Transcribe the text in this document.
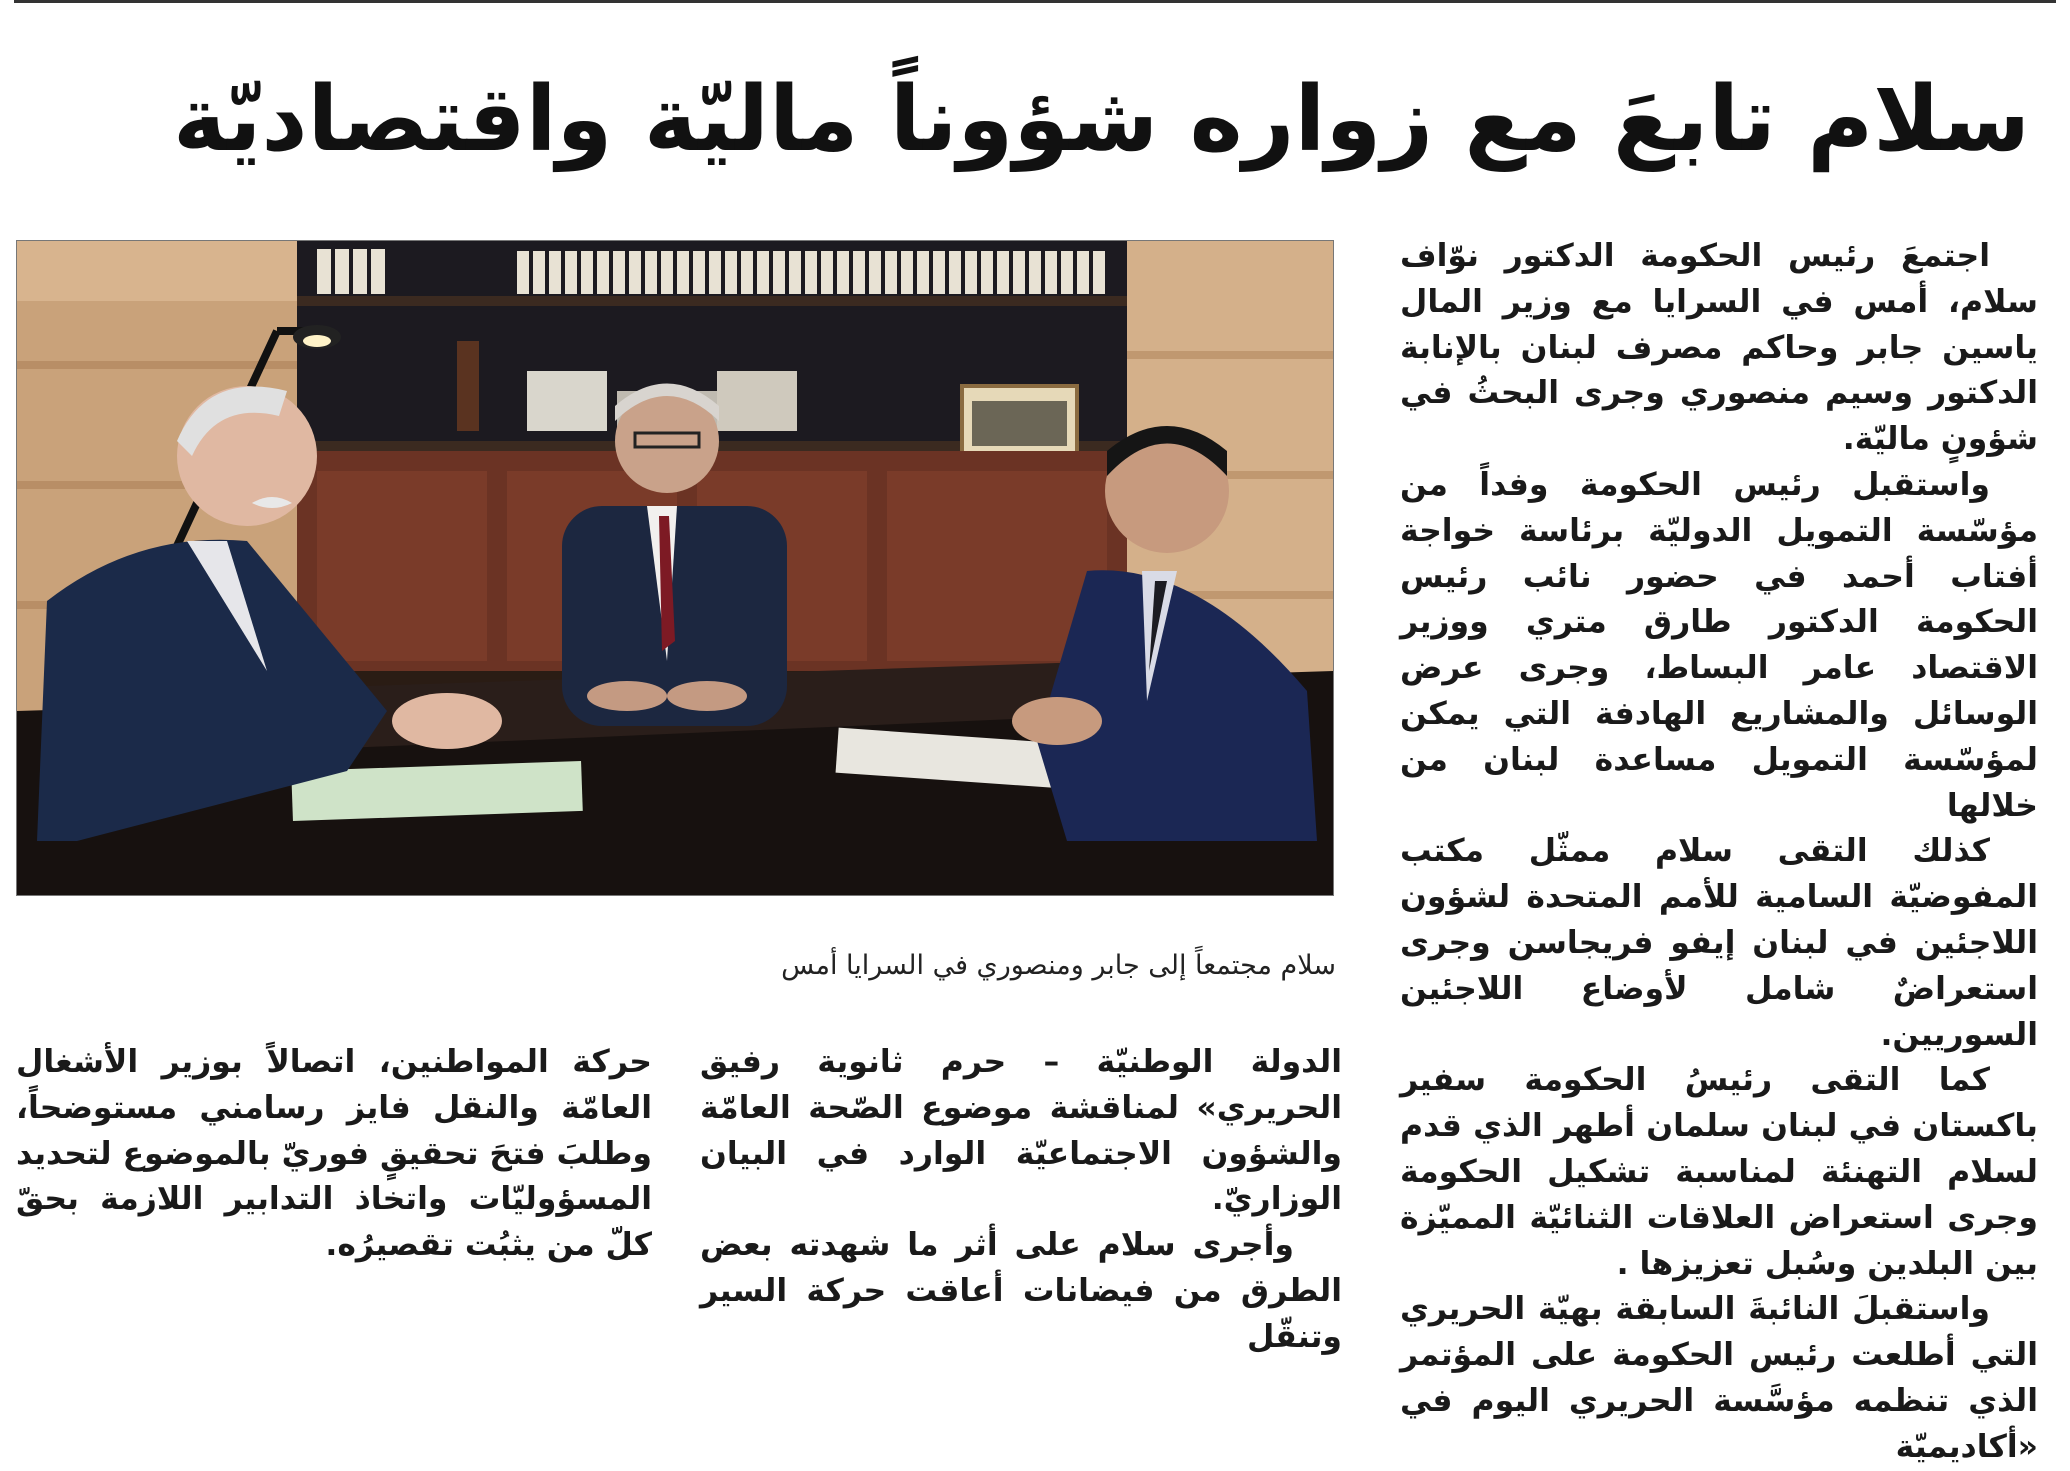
سلام تابعَ مع زواره شؤوناً ماليّة واقتصاديّة
سلام مجتمعاً إلى جابر ومنصوري في السرايا أمس

اجتمعَ رئيس الحكومة الدكتور نوّاف سلام، أمس في السرايا مع وزير المال ياسين جابر وحاكم مصرف لبنان بالإنابة الدكتور وسيم منصوري وجرى البحثُ في شؤونٍ ماليّة.

واستقبل رئيس الحكومة وفداً من مؤسّسة التمويل الدوليّة برئاسة خواجة أفتاب أحمد في حضور نائب رئيس الحكومة الدكتور طارق متري ووزير الاقتصاد عامر البساط، وجرى عرض الوسائل والمشاريع الهادفة التي يمكن لمؤسّسة التمويل مساعدة لبنان من خلالها

كذلك التقى سلام ممثّل مكتب المفوضيّة السامية للأمم المتحدة لشؤون اللاجئين في لبنان إيفو فريجاسن وجرى استعراضٌ شامل لأوضاع اللاجئين السوريين.

كما التقى رئيسُ الحكومة سفير باكستان في لبنان سلمان أطهر الذي قدم لسلام التهنئة لمناسبة تشكيل الحكومة وجرى استعراض العلاقات الثنائيّة المميّزة بين البلدين وسُبل تعزيزها .

واستقبلَ النائبةَ السابقة بهيّة الحريري التي أطلعت رئيس الحكومة على المؤتمر الذي تنظمه مؤسَّسة الحريري اليوم في «أكاديميّة

الدولة الوطنيّة – حرم ثانوية رفيق الحريري» لمناقشة موضوع الصّحة العامّة والشؤون الاجتماعيّة الوارد في البيان الوزاريّ.

وأجرى سلام على أثر ما شهدته بعض الطرق من فيضانات أعاقت حركة السير وتنقّل

حركة المواطنين، اتصالاً بوزير الأشغال العامّة والنقل فايز رسامني مستوضحاً، وطلبَ فتحَ تحقيقٍ فوريّ بالموضوع لتحديد المسؤوليّات واتخاذ التدابير اللازمة بحقّ كلّ من يثبُت تقصيرُه.
